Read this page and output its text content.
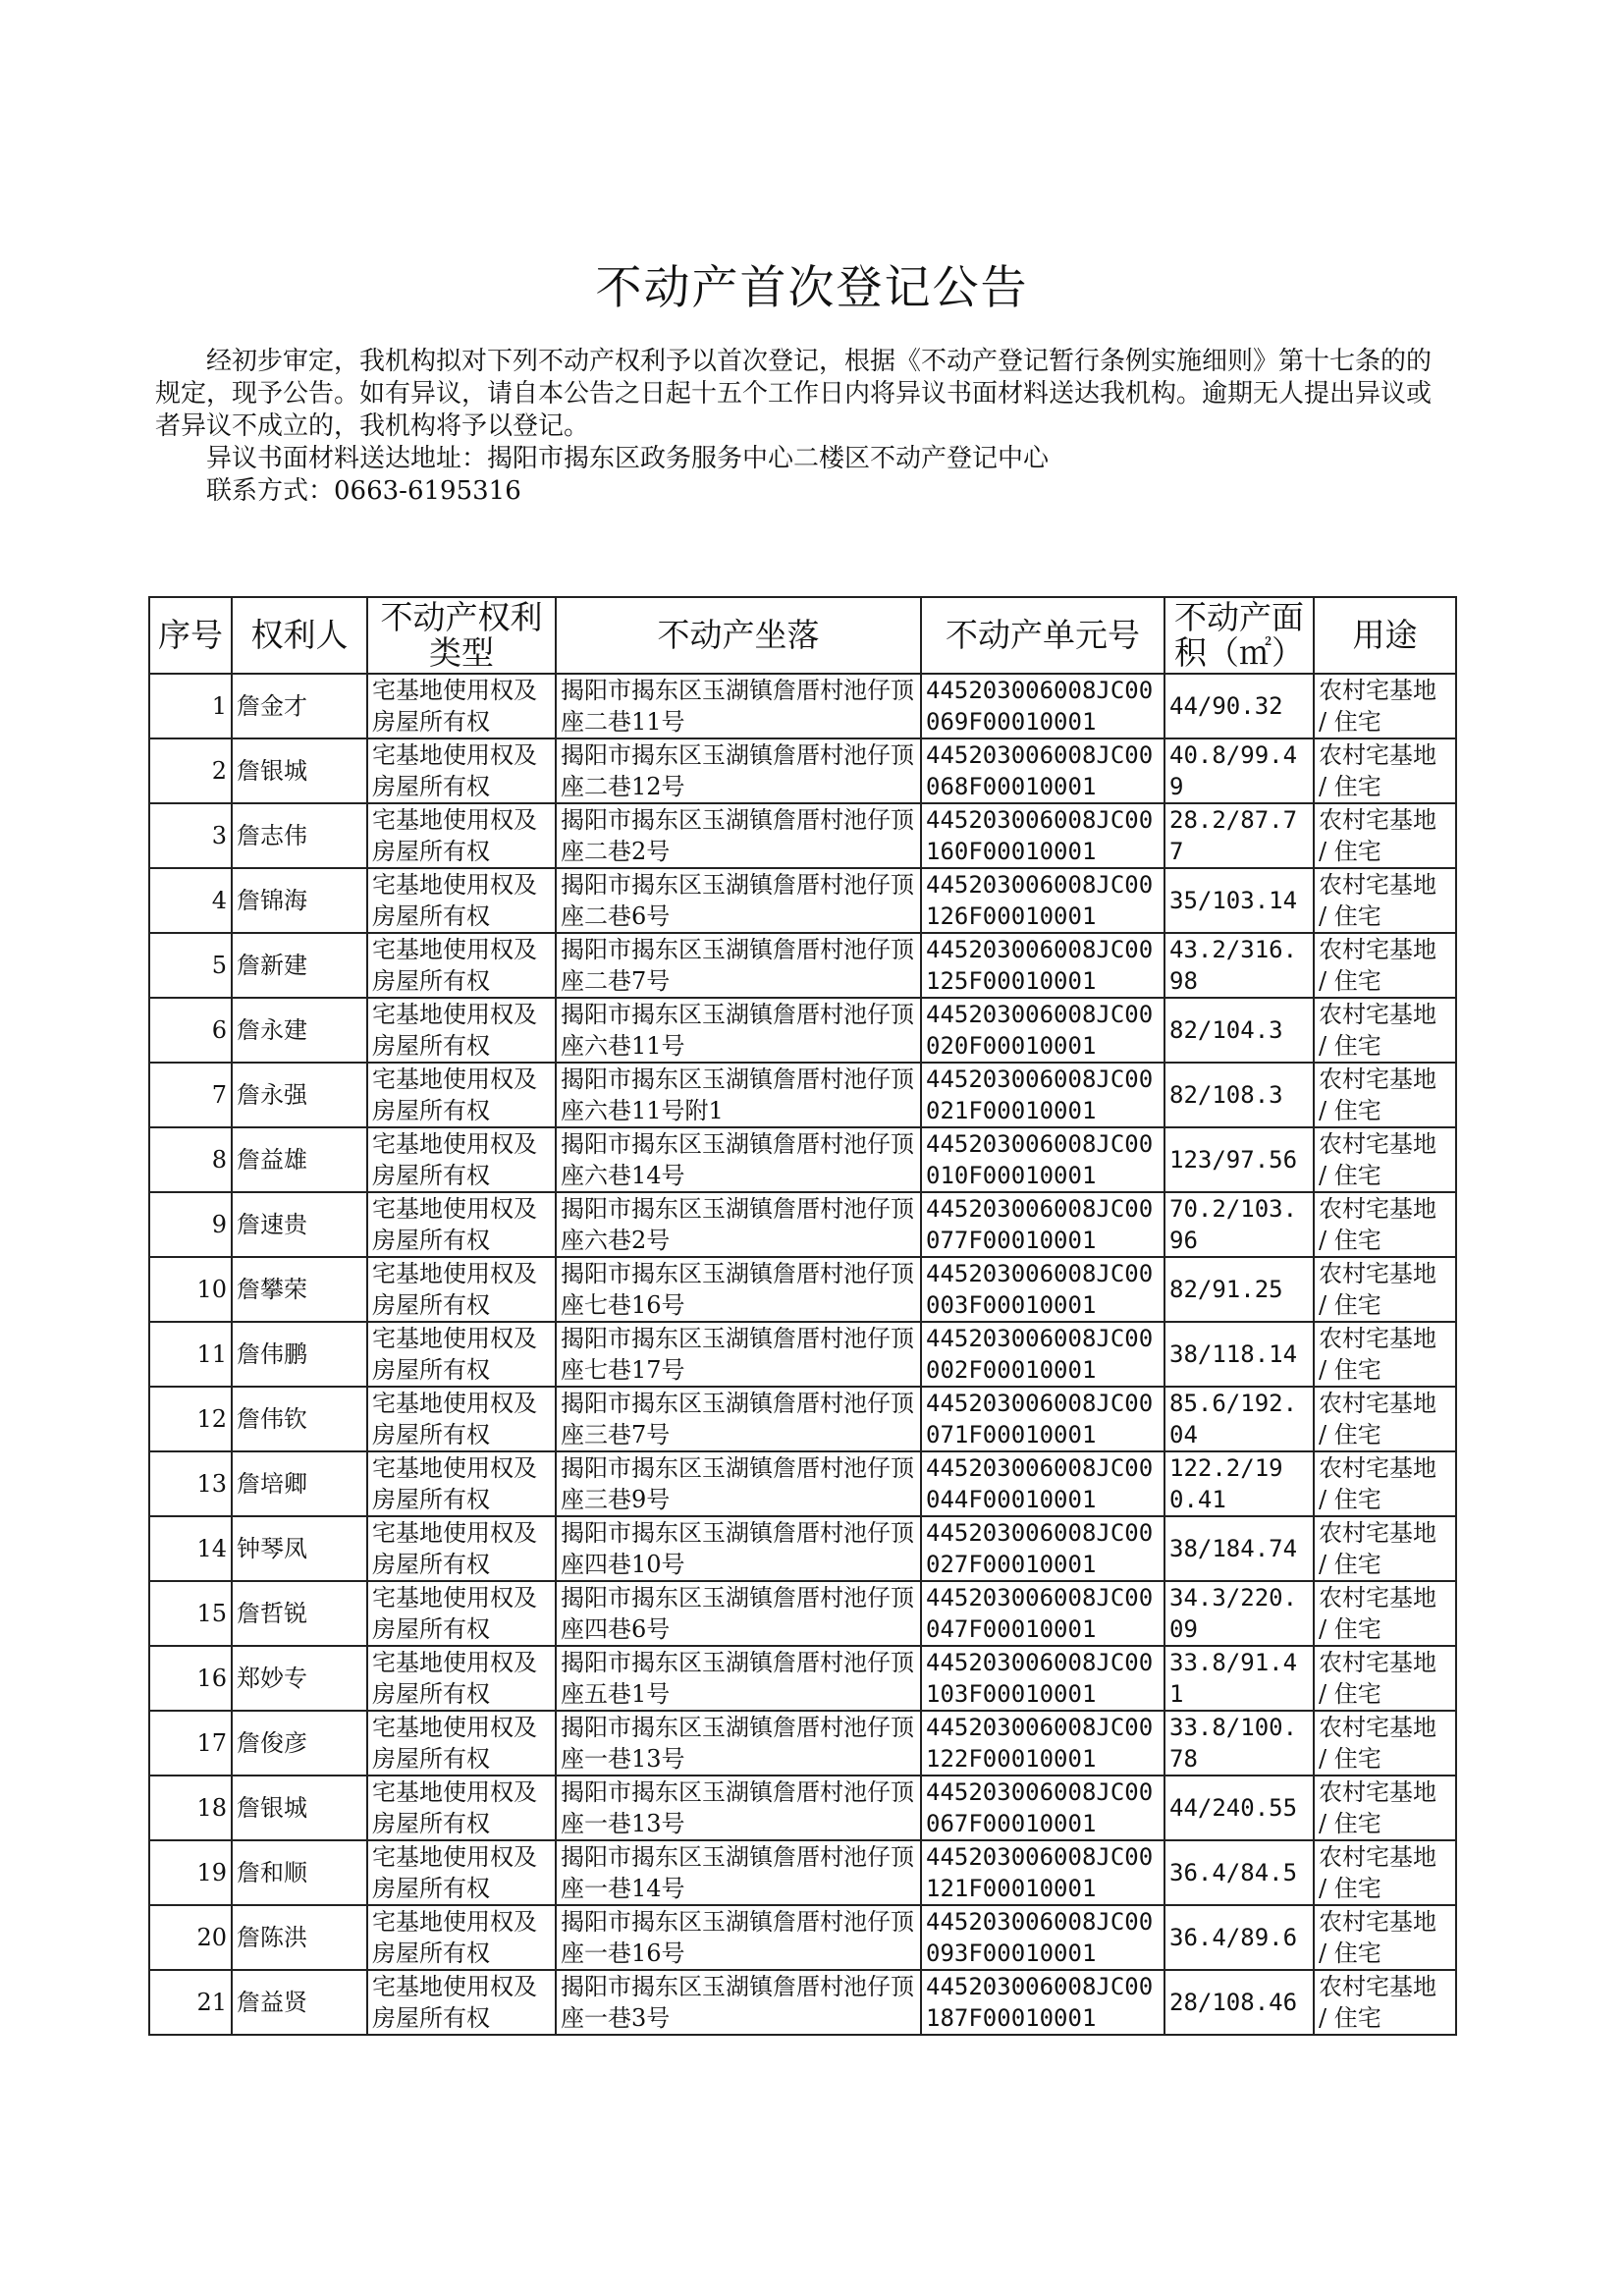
不动产首次登记公告

经初步审定，我机构拟对下列不动产权利予以首次登记，根据《不动产登记暂行条例实施细则》第十七条的的规定，现予公告。如有异议，请自本公告之日起十五个工作日内将异议书面材料送达我机构。逾期无人提出异议或者异议不成立的，我机构将予以登记。

异议书面材料送达地址：揭阳市揭东区政务服务中心二楼区不动产登记中心
联系方式：0663-6195316
序号	权利人	不动产权利类型	不动产坐落	不动产单元号	不动产面积（㎡）	用途
1	詹金才	宅基地使用权及房屋所有权	揭阳市揭东区玉湖镇詹厝村池仔顶座二巷11号	445203006008JC00069F00010001	44/90.32	农村宅基地 / 住宅
2	詹银城	宅基地使用权及房屋所有权	揭阳市揭东区玉湖镇詹厝村池仔顶座二巷12号	445203006008JC00068F00010001	40.8/99.49	农村宅基地 / 住宅
3	詹志伟	宅基地使用权及房屋所有权	揭阳市揭东区玉湖镇詹厝村池仔顶座二巷2号	445203006008JC00160F00010001	28.2/87.77	农村宅基地 / 住宅
4	詹锦海	宅基地使用权及房屋所有权	揭阳市揭东区玉湖镇詹厝村池仔顶座二巷6号	445203006008JC00126F00010001	35/103.14	农村宅基地 / 住宅
5	詹新建	宅基地使用权及房屋所有权	揭阳市揭东区玉湖镇詹厝村池仔顶座二巷7号	445203006008JC00125F00010001	43.2/316.98	农村宅基地 / 住宅
6	詹永建	宅基地使用权及房屋所有权	揭阳市揭东区玉湖镇詹厝村池仔顶座六巷11号	445203006008JC00020F00010001	82/104.3	农村宅基地 / 住宅
7	詹永强	宅基地使用权及房屋所有权	揭阳市揭东区玉湖镇詹厝村池仔顶座六巷11号附1	445203006008JC00021F00010001	82/108.3	农村宅基地 / 住宅
8	詹益雄	宅基地使用权及房屋所有权	揭阳市揭东区玉湖镇詹厝村池仔顶座六巷14号	445203006008JC00010F00010001	123/97.56	农村宅基地 / 住宅
9	詹速贵	宅基地使用权及房屋所有权	揭阳市揭东区玉湖镇詹厝村池仔顶座六巷2号	445203006008JC00077F00010001	70.2/103.96	农村宅基地 / 住宅
10	詹攀荣	宅基地使用权及房屋所有权	揭阳市揭东区玉湖镇詹厝村池仔顶座七巷16号	445203006008JC00003F00010001	82/91.25	农村宅基地 / 住宅
11	詹伟鹏	宅基地使用权及房屋所有权	揭阳市揭东区玉湖镇詹厝村池仔顶座七巷17号	445203006008JC00002F00010001	38/118.14	农村宅基地 / 住宅
12	詹伟钦	宅基地使用权及房屋所有权	揭阳市揭东区玉湖镇詹厝村池仔顶座三巷7号	445203006008JC00071F00010001	85.6/192.04	农村宅基地 / 住宅
13	詹培卿	宅基地使用权及房屋所有权	揭阳市揭东区玉湖镇詹厝村池仔顶座三巷9号	445203006008JC00044F00010001	122.2/190.41	农村宅基地 / 住宅
14	钟琴凤	宅基地使用权及房屋所有权	揭阳市揭东区玉湖镇詹厝村池仔顶座四巷10号	445203006008JC00027F00010001	38/184.74	农村宅基地 / 住宅
15	詹哲锐	宅基地使用权及房屋所有权	揭阳市揭东区玉湖镇詹厝村池仔顶座四巷6号	445203006008JC00047F00010001	34.3/220.09	农村宅基地 / 住宅
16	郑妙专	宅基地使用权及房屋所有权	揭阳市揭东区玉湖镇詹厝村池仔顶座五巷1号	445203006008JC00103F00010001	33.8/91.41	农村宅基地 / 住宅
17	詹俊彦	宅基地使用权及房屋所有权	揭阳市揭东区玉湖镇詹厝村池仔顶座一巷13号	445203006008JC00122F00010001	33.8/100.78	农村宅基地 / 住宅
18	詹银城	宅基地使用权及房屋所有权	揭阳市揭东区玉湖镇詹厝村池仔顶座一巷13号	445203006008JC00067F00010001	44/240.55	农村宅基地 / 住宅
19	詹和顺	宅基地使用权及房屋所有权	揭阳市揭东区玉湖镇詹厝村池仔顶座一巷14号	445203006008JC00121F00010001	36.4/84.5	农村宅基地 / 住宅
20	詹陈洪	宅基地使用权及房屋所有权	揭阳市揭东区玉湖镇詹厝村池仔顶座一巷16号	445203006008JC00093F00010001	36.4/89.6	农村宅基地 / 住宅
21	詹益贤	宅基地使用权及房屋所有权	揭阳市揭东区玉湖镇詹厝村池仔顶座一巷3号	445203006008JC00187F00010001	28/108.46	农村宅基地 / 住宅
